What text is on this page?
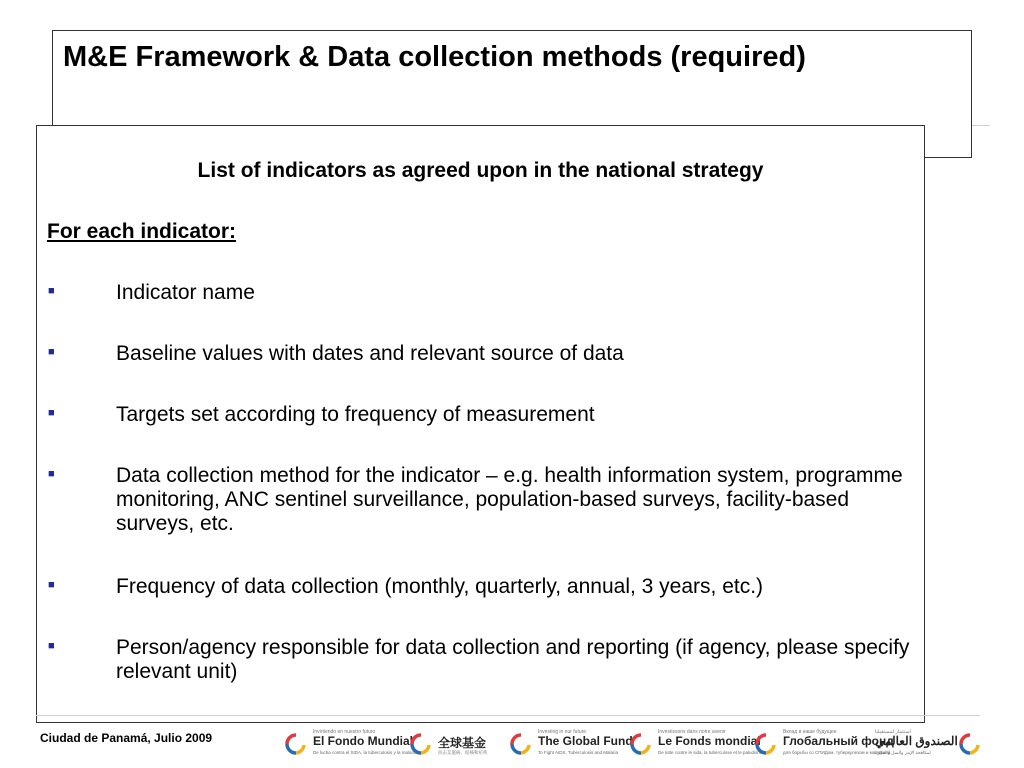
M&E Framework & Data collection methods (required)
List of indicators as agreed upon in the national strategy
For each indicator:
■	Indicator name
■	Baseline values with dates and relevant source of data
■	Targets set according to frequency of measurement
■	Data collection method for the indicator – e.g. health information system, programme monitoring, ANC sentinel surveillance, population-based surveys, facility-based surveys, etc.
■	Frequency of data collection (monthly, quarterly, annual, 3 years, etc.)
■	Person/agency responsible for data collection and reporting (if agency, please specify relevant unit)
Ciudad de Panamá, Julio 2009	Invirtiendo en nuestro futuro
El Fondo Mundial
De lucha contra el SIDA, la tuberculosis y la malaria
全球基金
抗击艾滋病、结核和疟疾
Investing in our future
The Global Fund
To Fight AIDS, Tuberculosis and Malaria
Investissons dans notre avenir
Le Fonds mondial
De lutte contre le sida, la tuberculose et le paludisme
Вклад в наше будущее
Глобальный фонд
для борьбы со СПИДом, туберкулезом и малярией
استثمار لمستقبلنا
الصندوق العالمي
لمكافحة الإيدز والسل والملاريا
